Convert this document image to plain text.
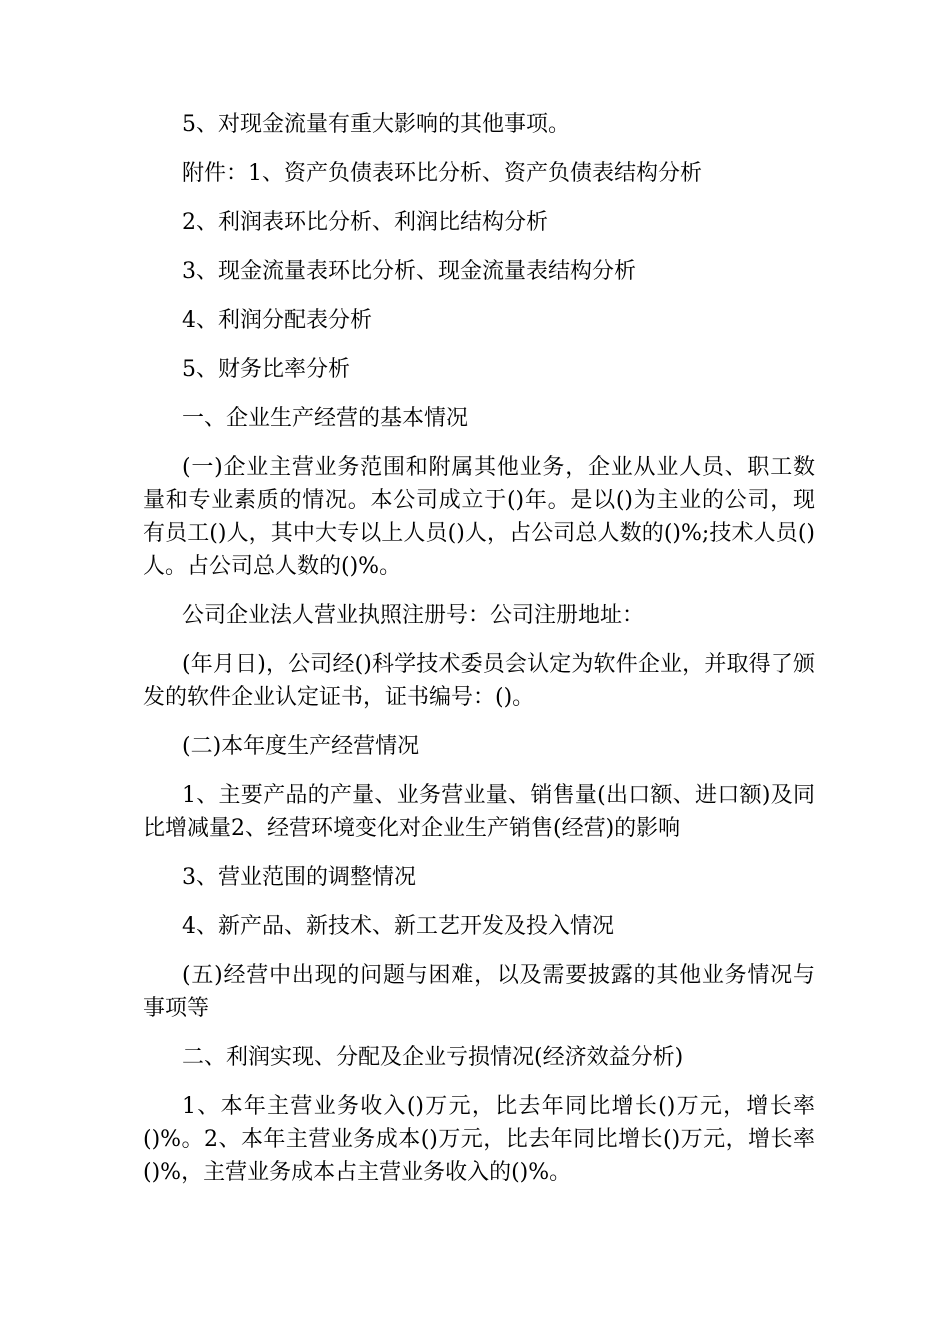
5、对现金流量有重大影响的其他事项。

附件：1、资产负债表环比分析、资产负债表结构分析

2、利润表环比分析、利润比结构分析

3、现金流量表环比分析、现金流量表结构分析

4、利润分配表分析

5、财务比率分析

一、企业生产经营的基本情况

(一)企业主营业务范围和附属其他业务，企业从业人员、职工数量和专业素质的情况。本公司成立于()年。是以()为主业的公司，现有员工()人，其中大专以上人员()人，占公司总人数的()%;技术人员()人。占公司总人数的()%。

公司企业法人营业执照注册号：公司注册地址：

(年月日)，公司经()科学技术委员会认定为软件企业，并取得了颁发的软件企业认定证书，证书编号：()。

(二)本年度生产经营情况

1、主要产品的产量、业务营业量、销售量(出口额、进口额)及同比增减量2、经营环境变化对企业生产销售(经营)的影响

3、营业范围的调整情况

4、新产品、新技术、新工艺开发及投入情况

(五)经营中出现的问题与困难，以及需要披露的其他业务情况与事项等

二、利润实现、分配及企业亏损情况(经济效益分析)

1、本年主营业务收入()万元，比去年同比增长()万元，增长率()%。2、本年主营业务成本()万元，比去年同比增长()万元，增长率()%，主营业务成本占主营业务收入的()%。
